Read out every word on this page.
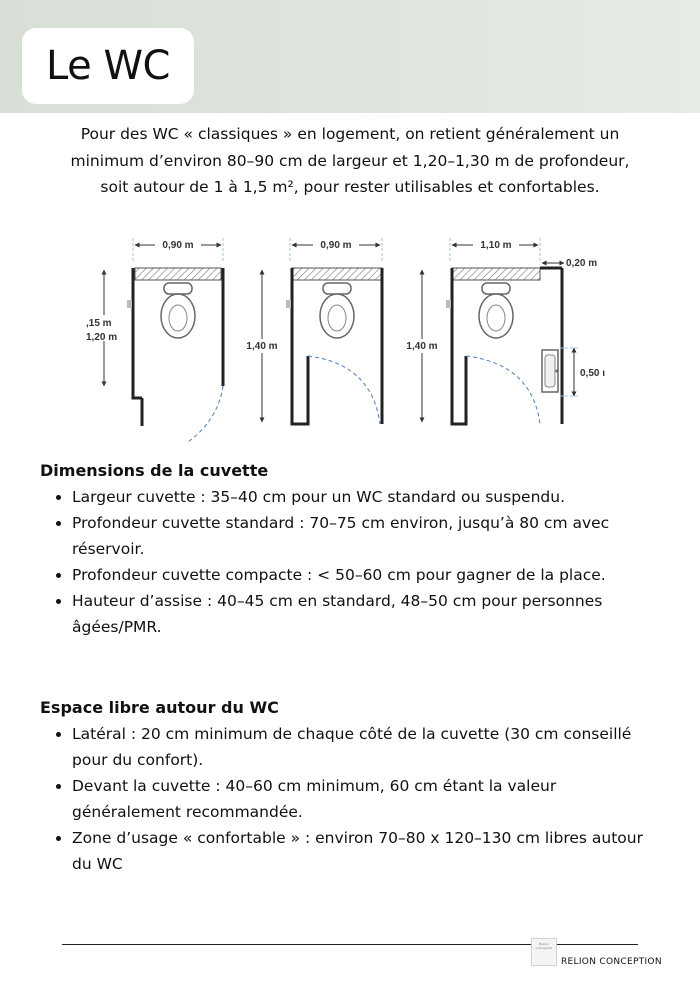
Le WC
Pour des WC « classiques » en logement, on retient généralement un minimum d’environ 80–90 cm de largeur et 1,20–1,30 m de profondeur, soit autour de 1 à 1,5 m², pour rester utilisables et confortables.
0,90 m
,15 m
1,20 m
0,90 m
1,40 m
1,10 m
0,20 m
0,50 ı
1,40 m
Dimensions de la cuvette
Largeur cuvette : 35–40 cm pour un WC standard ou suspendu.
Profondeur cuvette standard : 70–75 cm environ, jusqu’à 80 cm avec réservoir.
Profondeur cuvette compacte : < 50–60 cm pour gagner de la place.
Hauteur d’assise : 40–45 cm en standard, 48–50 cm pour personnes âgées/PMR.
Espace libre autour du WC
Latéral : 20 cm minimum de chaque côté de la cuvette (30 cm conseillé pour du confort).
Devant la cuvette : 40–60 cm minimum, 60 cm étant la valeur généralement recommandée.
Zone d’usage « confortable » : environ 70–80 x 120–130 cm libres autour du WC
Relion conception
RELION CONCEPTION
